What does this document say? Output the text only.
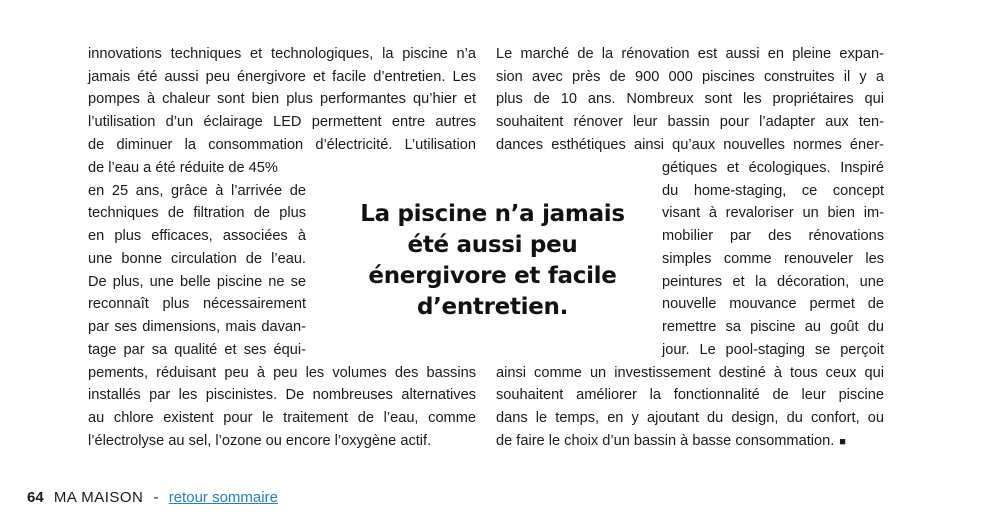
innovations techniques et technologiques, la piscine n’a

jamais été aussi peu énergivore et facile d’entretien. Les

pompes à chaleur sont bien plus performantes qu’hier et

l’utilisation d’un éclairage LED permettent entre autres

de diminuer la consommation d’électricité. L’utilisation

de l’eau a été réduite de 45%

en 25 ans, grâce à l’arrivée de

techniques de filtration de plus

en plus efficaces, associées à

une bonne circulation de l’eau.

De plus, une belle piscine ne se

reconnaît plus nécessairement

par ses dimensions, mais davan-

tage par sa qualité et ses équi-

pements, réduisant peu à peu les volumes des bassins

installés par les piscinistes. De nombreuses alternatives

au chlore existent pour le traitement de l’eau, comme

l’électrolyse au sel, l’ozone ou encore l’oxygène actif.

Le marché de la rénovation est aussi en pleine expan-

sion avec près de 900 000 piscines construites il y a

plus de 10 ans. Nombreux sont les propriétaires qui

souhaitent rénover leur bassin pour l’adapter aux ten-

dances esthétiques ainsi qu’aux nouvelles normes éner-

gétiques et écologiques. Inspiré

du home-staging, ce concept

visant à revaloriser un bien im-

mobilier par des rénovations

simples comme renouveler les

peintures et la décoration, une

nouvelle mouvance permet de

remettre sa piscine au goût du

jour. Le pool-staging se perçoit

ainsi comme un investissement destiné à tous ceux qui

souhaitent améliorer la fonctionnalité de leur piscine

dans le temps, en y ajoutant du design, du confort, ou

de faire le choix d’un bassin à basse consommation. ■

La piscine n’a jamais
été aussi peu
énergivore et facile
d’entretien.
64 MA MAISON - retour sommaire
